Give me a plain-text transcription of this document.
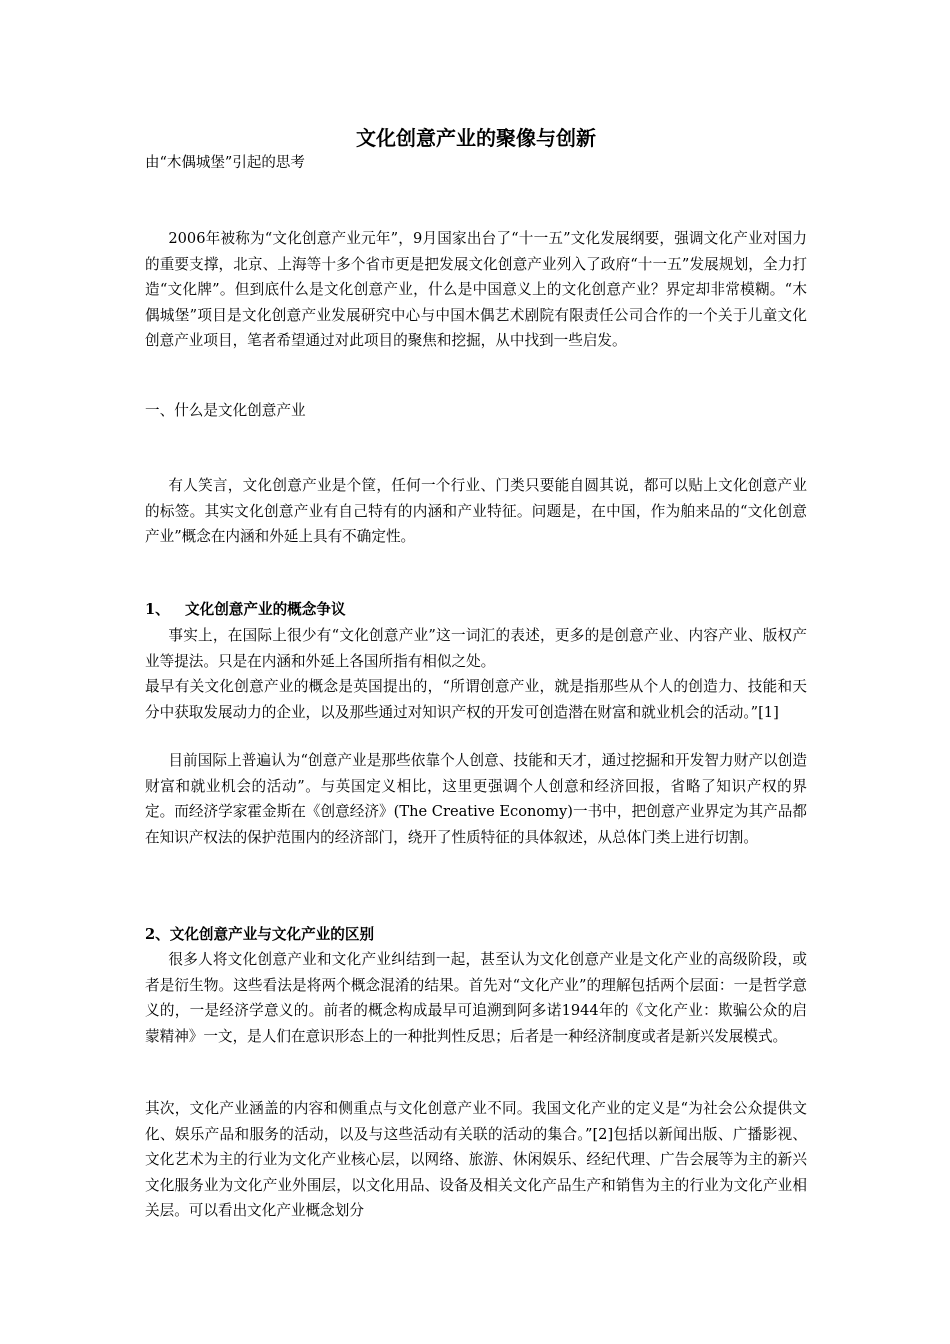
文化创意产业的聚像与创新

由“木偶城堡”引起的思考

2006年被称为“文化创意产业元年”，9月国家出台了“十一五”文化发展纲要，强调文化产业对国力的重要支撑，北京、上海等十多个省市更是把发展文化创意产业列入了政府“十一五”发展规划，全力打造“文化牌”。但到底什么是文化创意产业，什么是中国意义上的文化创意产业？界定却非常模糊。“木偶城堡”项目是文化创意产业发展研究中心与中国木偶艺术剧院有限责任公司合作的一个关于儿童文化创意产业项目，笔者希望通过对此项目的聚焦和挖掘，从中找到一些启发。

一、什么是文化创意产业

有人笑言，文化创意产业是个筐，任何一个行业、门类只要能自圆其说，都可以贴上文化创意产业的标签。其实文化创意产业有自己特有的内涵和产业特征。问题是，在中国，作为舶来品的“文化创意产业”概念在内涵和外延上具有不确定性。

1、 文化创意产业的概念争议

事实上，在国际上很少有“文化创意产业”这一词汇的表述，更多的是创意产业、内容产业、版权产业等提法。只是在内涵和外延上各国所指有相似之处。

最早有关文化创意产业的概念是英国提出的，“所谓创意产业，就是指那些从个人的创造力、技能和天分中获取发展动力的企业，以及那些通过对知识产权的开发可创造潜在财富和就业机会的活动。”[1]

目前国际上普遍认为“创意产业是那些依靠个人创意、技能和天才，通过挖掘和开发智力财产以创造财富和就业机会的活动”。与英国定义相比，这里更强调个人创意和经济回报，省略了知识产权的界定。而经济学家霍金斯在《创意经济》(The Creative Economy)一书中，把创意产业界定为其产品都在知识产权法的保护范围内的经济部门，绕开了性质特征的具体叙述，从总体门类上进行切割。

2、文化创意产业与文化产业的区别

很多人将文化创意产业和文化产业纠结到一起，甚至认为文化创意产业是文化产业的高级阶段，或者是衍生物。这些看法是将两个概念混淆的结果。首先对“文化产业”的理解包括两个层面：一是哲学意义的，一是经济学意义的。前者的概念构成最早可追溯到阿多诺1944年的《文化产业：欺骗公众的启蒙精神》一文，是人们在意识形态上的一种批判性反思；后者是一种经济制度或者是新兴发展模式。

其次，文化产业涵盖的内容和侧重点与文化创意产业不同。我国文化产业的定义是“为社会公众提供文化、娱乐产品和服务的活动，以及与这些活动有关联的活动的集合。”[2]包括以新闻出版、广播影视、文化艺术为主的行业为文化产业核心层，以网络、旅游、休闲娱乐、经纪代理、广告会展等为主的新兴文化服务业为文化产业外围层，以文化用品、设备及相关文化产品生产和销售为主的行业为文化产业相关层。可以看出文化产业概念划分
